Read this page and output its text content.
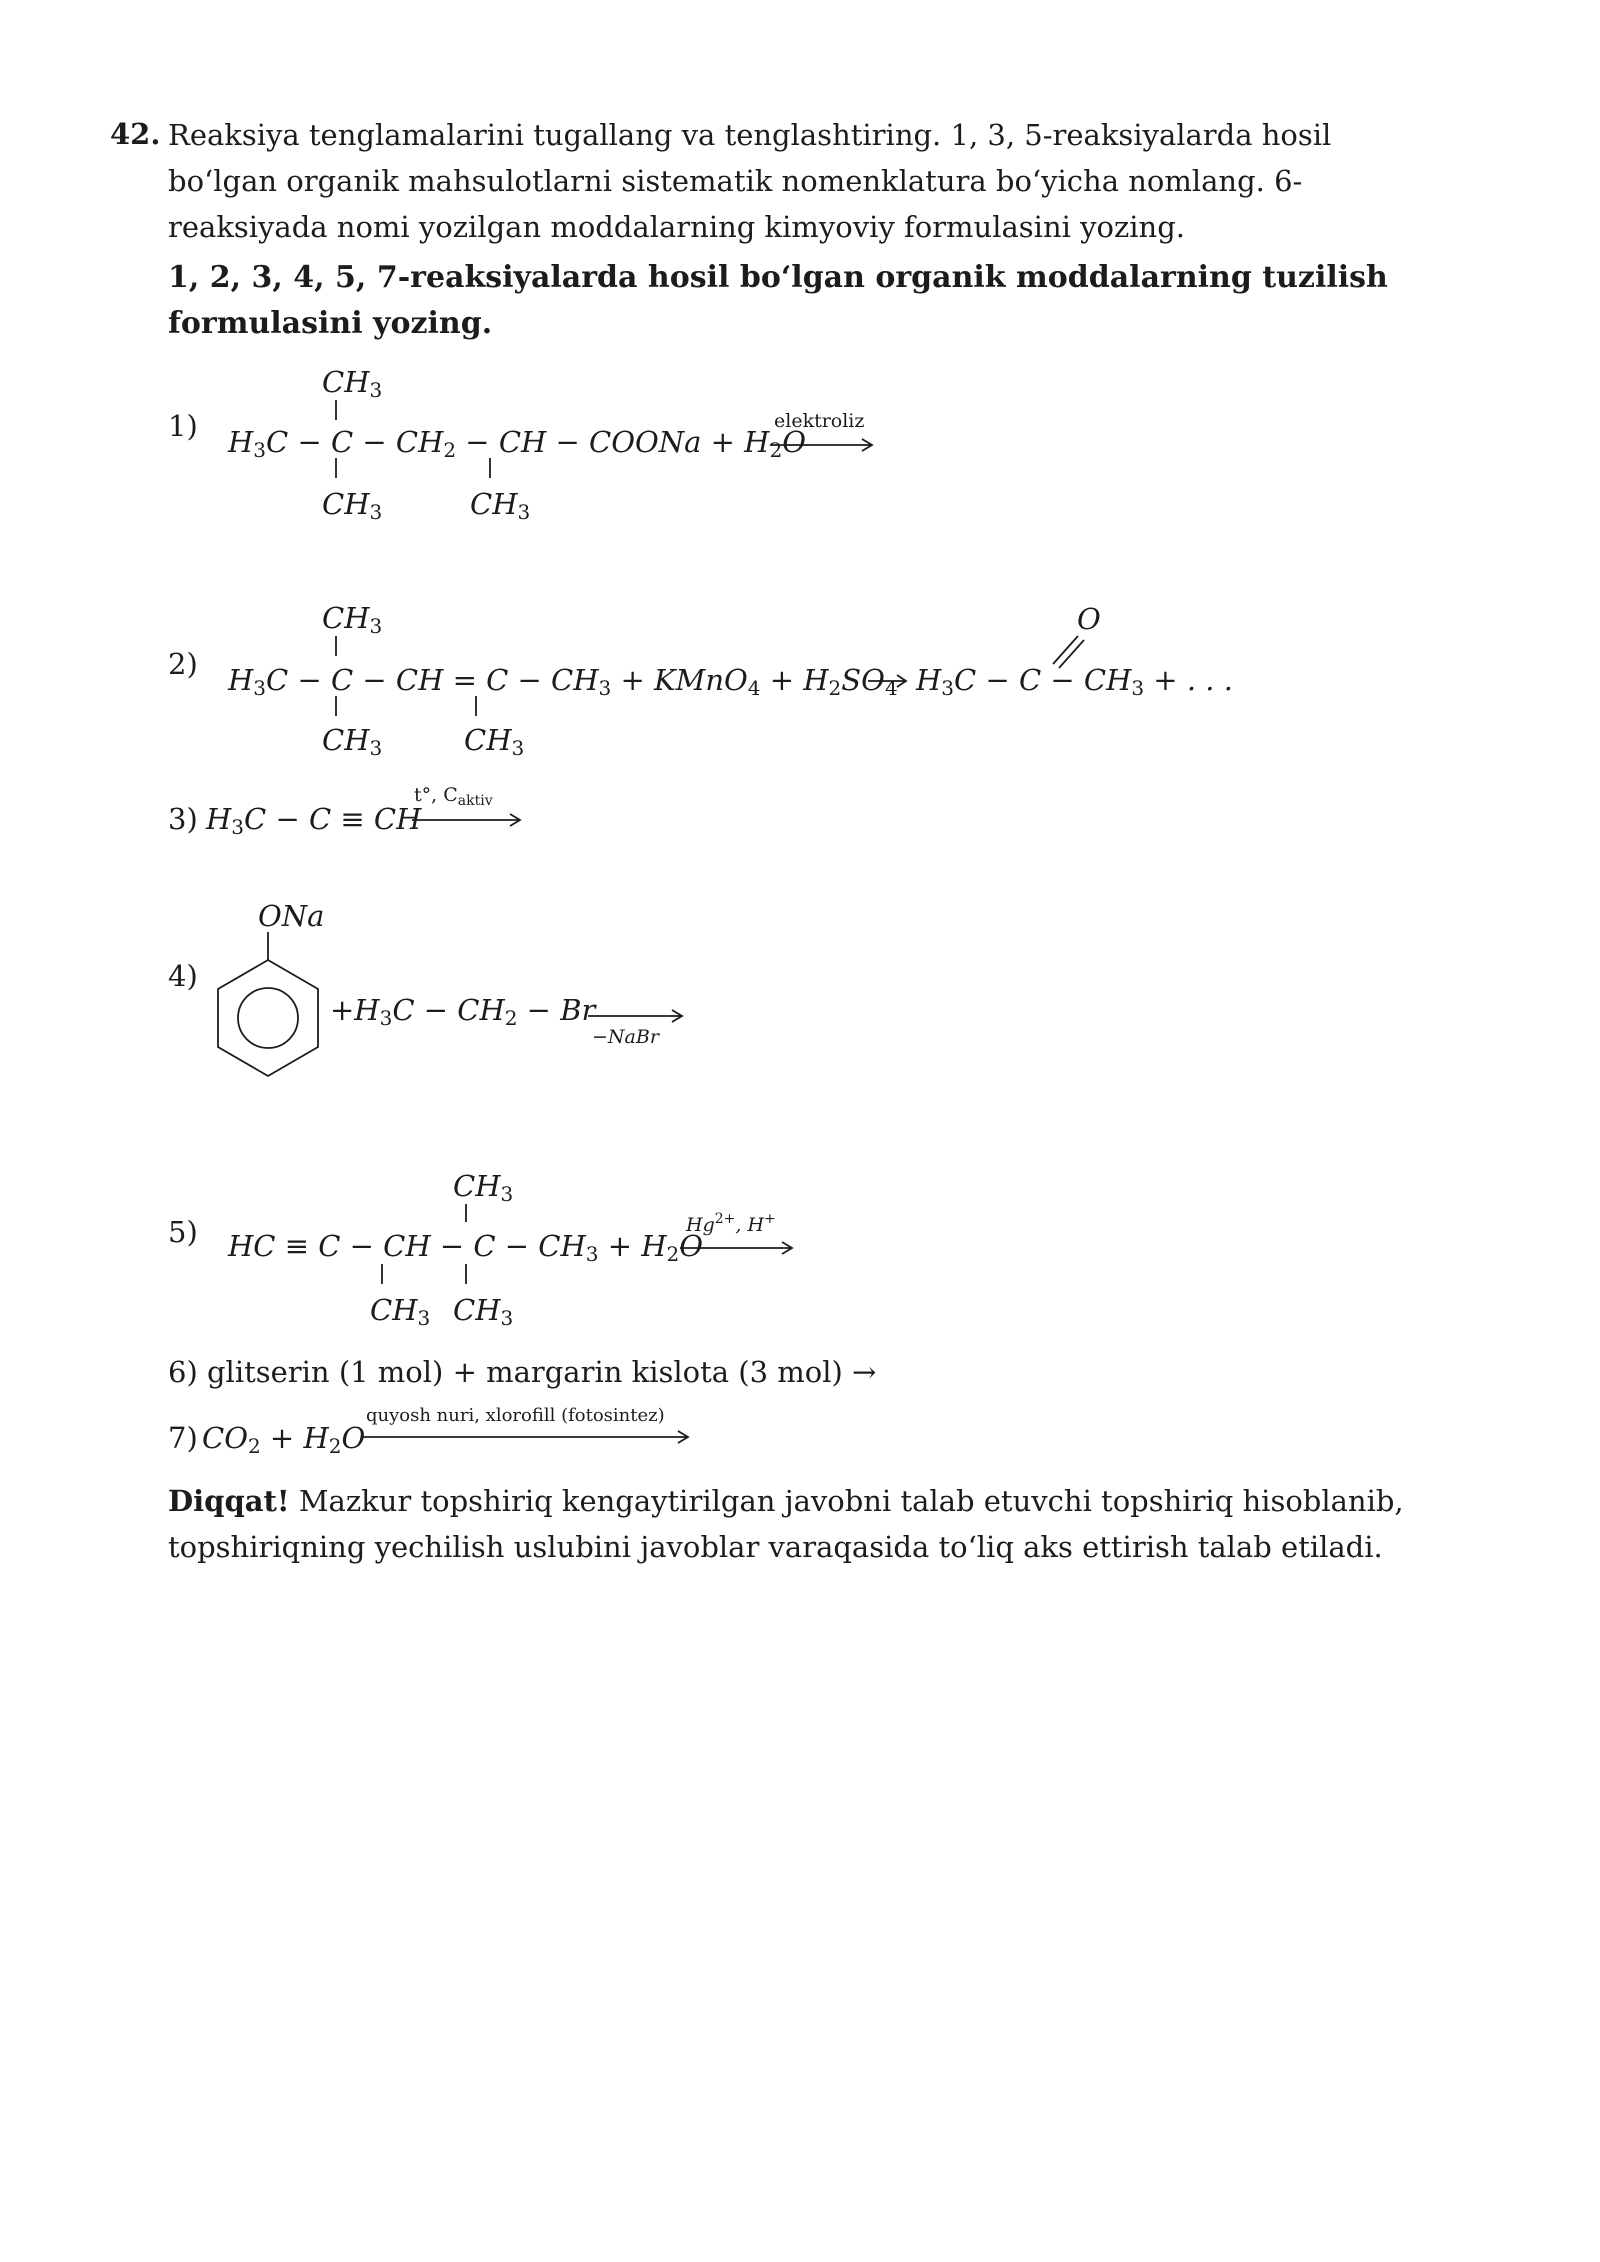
42. Reaksiya tenglamalarini tugallang va tenglashtiring. 1, 3, 5-reaksiyalarda hosil bo‘lgan organik mahsulotlarni sistematik nomenklatura bo‘yicha nomlang. 6-reaksiyada nomi yozilgan moddalarning kimyoviy formulasini yozing.
1, 2, 3, 4, 5, 7-reaksiyalarda hosil bo‘lgan organik moddalarning tuzilish formulasini yozing.
1)
$CH_3$
$H_3C - C - CH_2$ − CH − COONa + $H_2O$
$CH_3$	$CH_3$
elektroliz
2)
$CH_3$
$H_3C - C$ − CH = $C - CH_3$ + KMnO$_4$ + $H_2SO_4$ $H_3C - C - CH_3$ + . . .
$CH_3$	$CH_3$
O
3) $H_3C - C$ ≡ CH
t°, $C_{aktiv}$
4)
ONa
$+H_3C - CH_2 - Br$
−NaBr
5)
$CH_3$
HC ≡ C − CH − $C - CH_3 + H_2O$
$CH_3$ $CH_3$
$Hg^{2+}$, H+
6) glitserin (1 mol) + margarin kislota (3 mol) →
7) $CO_2 + H_2O$
quyosh nuri, xlorofill (fotosintez)
Diqqat! Mazkur topshiriq kengaytirilgan javobni talab etuvchi topshiriq hisoblanib, topshiriqning yechilish uslubini javoblar varaqasida to‘liq aks ettirish talab etiladi.
